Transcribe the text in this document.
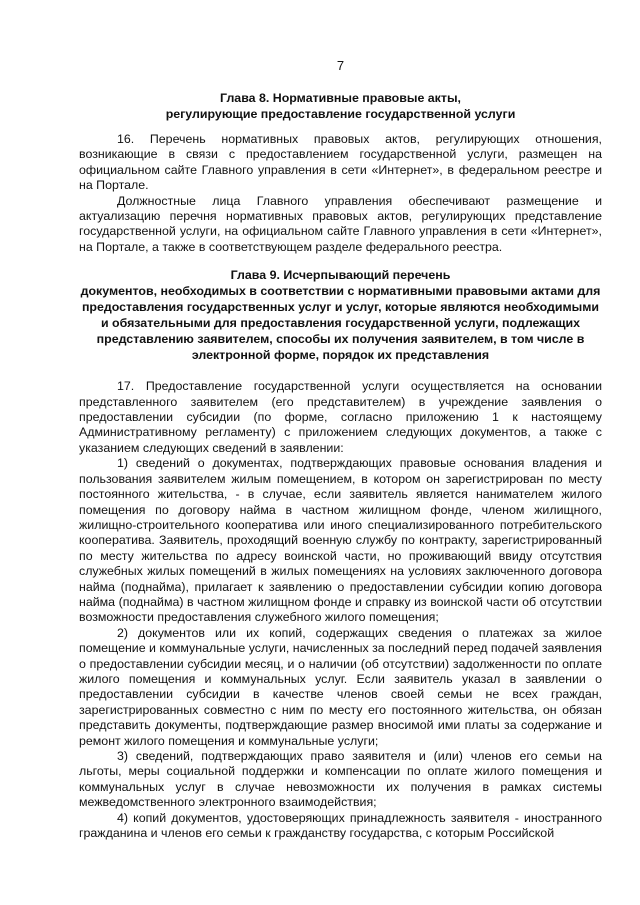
7
Глава 8. Нормативные правовые акты,
регулирующие предоставление государственной услуги

16. Перечень нормативных правовых актов, регулирующих отношения, возникающие в связи с предоставлением государственной услуги, размещен на официальном сайте Главного управления в сети «Интернет», в федеральном реестре и на Портале.

Должностные лица Главного управления обеспечивают размещение и актуализацию перечня нормативных правовых актов, регулирующих представление государственной услуги, на официальном сайте Главного управления в сети «Интернет», на Портале, а также в соответствующем разделе федерального реестра.

Глава 9. Исчерпывающий перечень
документов, необходимых в соответствии с нормативными правовыми актами для предоставления государственных услуг и услуг, которые являются необходимыми и обязательными для предоставления государственной услуги, подлежащих представлению заявителем, способы их получения заявителем, в том числе в электронной форме, порядок их представления

17. Предоставление государственной услуги осуществляется на основании представленного заявителем (его представителем) в учреждение заявления о предоставлении субсидии (по форме, согласно приложению 1 к настоящему Административному регламенту) с приложением следующих документов, а также с указанием следующих сведений в заявлении:

1) сведений о документах, подтверждающих правовые основания владения и пользования заявителем жилым помещением, в котором он зарегистрирован по месту постоянного жительства, - в случае, если заявитель является нанимателем жилого помещения по договору найма в частном жилищном фонде, членом жилищного, жилищно-строительного кооператива или иного специализированного потребительского кооператива. Заявитель, проходящий военную службу по контракту, зарегистрированный по месту жительства по адресу воинской части, но проживающий ввиду отсутствия служебных жилых помещений в жилых помещениях на условиях заключенного договора найма (поднайма), прилагает к заявлению о предоставлении субсидии копию договора найма (поднайма) в частном жилищном фонде и справку из воинской части об отсутствии возможности предоставления служебного жилого помещения;

2) документов или их копий, содержащих сведения о платежах за жилое помещение и коммунальные услуги, начисленных за последний перед подачей заявления о предоставлении субсидии месяц, и о наличии (об отсутствии) задолженности по оплате жилого помещения и коммунальных услуг. Если заявитель указал в заявлении о предоставлении субсидии в качестве членов своей семьи не всех граждан, зарегистрированных совместно с ним по месту его постоянного жительства, он обязан представить документы, подтверждающие размер вносимой ими платы за содержание и ремонт жилого помещения и коммунальные услуги;

3) сведений, подтверждающих право заявителя и (или) членов его семьи на льготы, меры социальной поддержки и компенсации по оплате жилого помещения и коммунальных услуг в случае невозможности их получения в рамках системы межведомственного электронного взаимодействия;

4) копий документов, удостоверяющих принадлежность заявителя - иностранного гражданина и членов его семьи к гражданству государства, с которым Российской
